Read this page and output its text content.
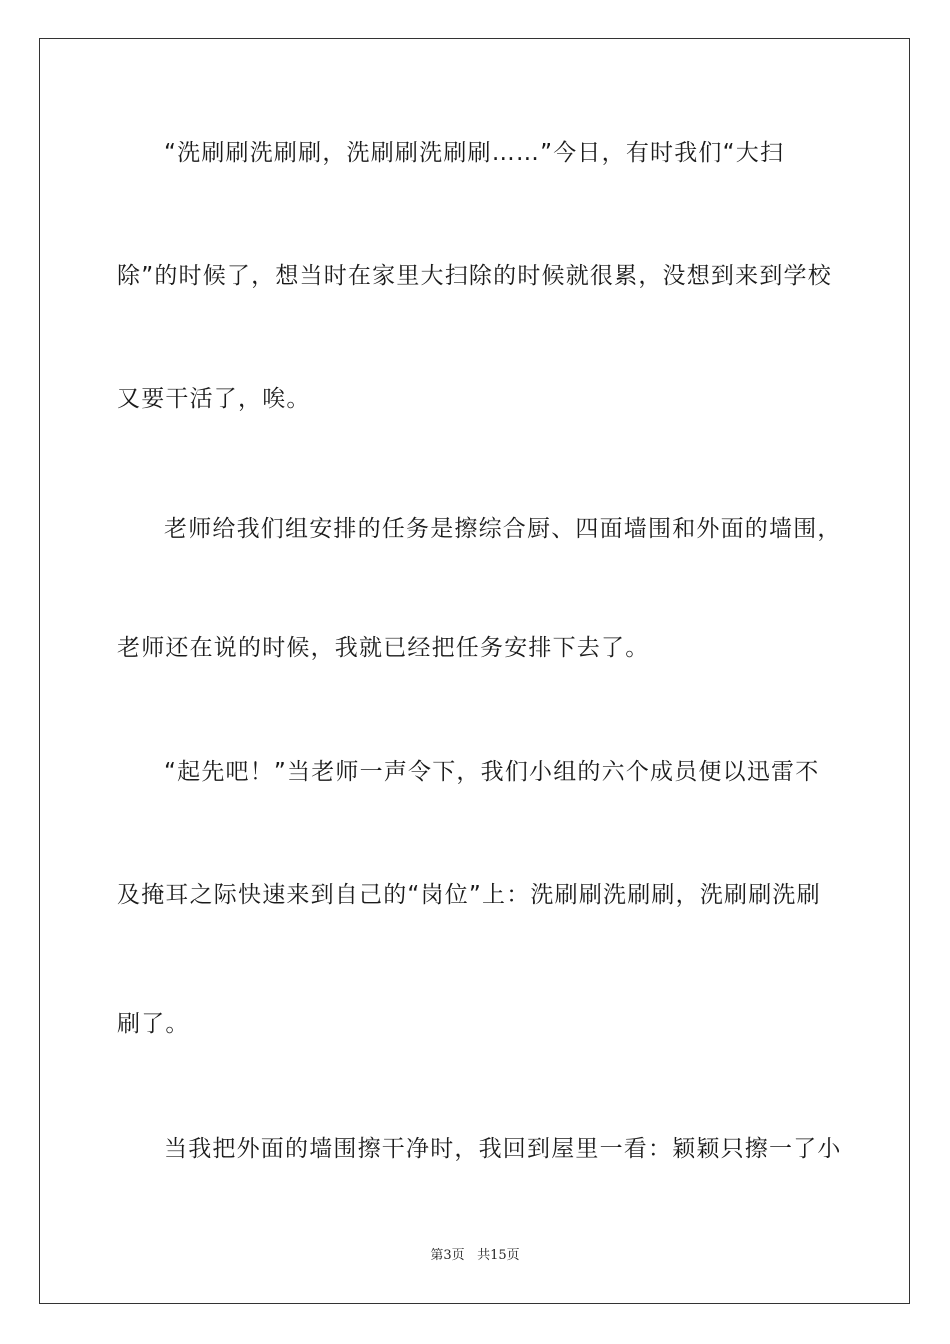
“洗刷刷洗刷刷，洗刷刷洗刷刷……”今日，有时我们“大扫
除”的时候了，想当时在家里大扫除的时候就很累，没想到来到学校
又要干活了，唉。
老师给我们组安排的任务是擦综合厨、四面墙围和外面的墙围，
老师还在说的时候，我就已经把任务安排下去了。
“起先吧！”当老师一声令下，我们小组的六个成员便以迅雷不
及掩耳之际快速来到自己的“岗位”上：洗刷刷洗刷刷，洗刷刷洗刷
刷了。
当我把外面的墙围擦干净时，我回到屋里一看：颖颖只擦一了小
第3页 共15页
